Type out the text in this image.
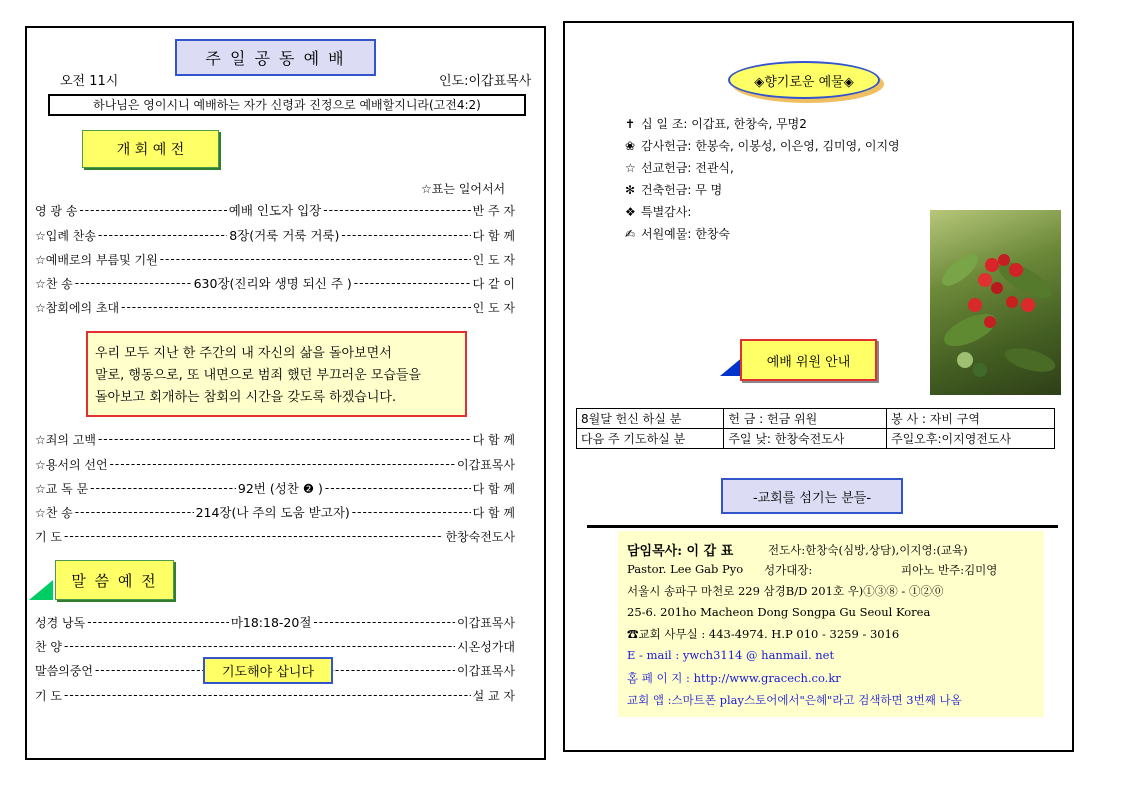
주 일 공 동 예 배
오전 11시	인도:이갑표목사
하나님은 영이시니 예배하는 자가 신령과 진정으로 예배할지니라(고전4:2)
개 회 예 전
☆표는 일어서서
영 광 송 -----	예배 인도자 입장 -----	반 주 자
☆입례 찬송 -----	8장(거룩 거룩 거룩) -----	다 함 께
☆예배로의 부름및 기원 -----	인 도 자
☆찬 송 -----	630장(진리와 생명 되신 주 ) -----	다 같 이
☆참회에의 초대 -----	인 도 자
우리 모두 지난 한 주간의 내 자신의 삶을 돌아보면서
말로, 행동으로, 또 내면으로 범죄 했던 부끄러운 모습들을
돌아보고 회개하는 참회의 시간을 갖도록 하겠습니다.
☆죄의 고백 -----	다 함 께
☆용서의 선언 -----	이갑표목사
☆교 독 문 -----	92번 (성찬 ❷ ) -----	다 함 께
☆찬 송 -----	214장(나 주의 도움 받고자) -----	다 함 께
기 도 -----	한창숙전도사
말 씀 예 전
성경 낭독 -----	마18:18-20절 -----	이갑표목사
찬 양 -----	시온성가대
말씀의중언 -----	이갑표목사
기 도 -----	설 교 자
기도해야 삽니다
◈향기로운 예물◈
✝ 십 일 조: 이갑표, 한창숙, 무명2
❀ 감사헌금: 한봉숙, 이봉성, 이은영, 김미영, 이지영
☆ 선교헌금: 전관식,
✻ 건축헌금: 무 명
❖ 특별감사:
✍ 서원예물: 한창숙
예배 위원 안내
8월달 헌신 하실 분	헌 금 : 헌금 위원	봉 사 : 자비 구역
다음 주 기도하실 분	주일 낮: 한창숙전도사	주일오후:이지영전도사
-교회를 섬기는 분들-
담임목사: 이 갑 표	전도사:한창숙(심방,상담),이지영:(교육)
Pastor. Lee Gab Pyo 성가대장:	피아노 반주:김미영
서울시 송파구 마천로 229 삼경B/D 201호 우)①③⑧ - ①②⓪
25-6. 201ho Macheon Dong Songpa Gu Seoul Korea
☎교회 사무실 : 443-4974. H.P 010 - 3259 - 3016
E - mail : ywch3114 @ hanmail. net
홈 페 이 지 : http://www.gracech.co.kr
교회 앱 :스마트폰 play스토어에서"은혜"라고 검색하면 3번째 나옴
